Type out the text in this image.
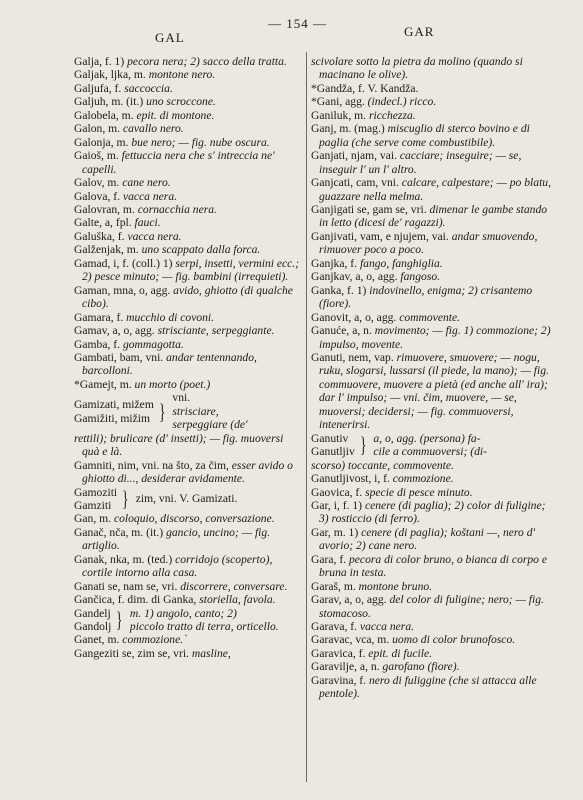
GAL
— 154 —
GAR

Galja, f. 1) pecora nera; 2) sacco della tratta.

Galjak, ljka, m. montone nero.

Galjufa, f. saccoccia.

Galjuh, m. (it.) uno scroccone.

Galobela, m. epit. di montone.

Galon, m. cavallo nero.

Galonja, m. bue nero; — fig. nube oscura.

Gaioš, m. fettuccia nera che s' intreccia ne' capelli.

Galov, m. cane nero.

Galova, f. vacca nera.

Galovran, m. cornacchia nera.

Galte, a, fpl. fauci.

Galuška, f. vacca nera.

Galženjak, m. uno scappato dalla forca.

Gamad, i, f. (coll.) 1) serpi, insetti, vermini ecc.; 2) pesce minuto; — fig. bambini (irrequieti).

Gaman, mna, o, agg. avido, ghiotto (di qualche cibo).

Gamara, f. mucchio di covoni.

Gamav, a, o, agg. strisciante, serpeggiante.

Gamba, f. gommagotta.

Gambati, bam, vni. andar tentennando, barcolloni.

*Gamejt, m. un morto (poet.)

Gamizati, mižem
Gamižiti, mižim }
vni.
strisciare,
serpeggiare (de'

rettili); brulicare (d' insetti); — fig. muoversi quà e là.

Gamniti, nim, vni. na što, za čim, esser avido o ghiotto di..., desiderar avidamente.

Gamoziti
Gamziti } zim, vni. V. Gamizati.

Gan, m. coloquio, discorso, conversazione.

Ganač, nča, m. (it.) gancio, uncino; — fig. artiglio.

Ganak, nka, m. (ted.) corridojo (scoperto), cortile intorno alla casa.

Ganati se, nam se, vri. discorrere, conversare.

Gančica, f. dim. di Ganka, storiella, favola.

Gandelj
Gandolj } m. 1) angolo, canto; 2)
piccolo tratto di terra, orticello.

Ganet, m. commozione.`

Gangeziti se, zim se, vri. masline,

scivolare sotto la pietra da molino (quando si macinano le olive).

*Gandža, f. V. Kandža.

*Gani, agg. (indecl.) ricco.

Ganiluk, m. ricchezza.

Ganj, m. (mag.) miscuglio di sterco bovino e di paglia (che serve come combustibile).

Ganjati, njam, vai. cacciare; inseguire; — se, inseguir l' un l' altro.

Ganjcati, cam, vni. calcare, calpestare; — po blatu, guazzare nella melma.

Ganjigati se, gam se, vri. dimenar le gambe stando in letto (dicesi de' ragazzi).

Ganjivati, vam, e njujem, vai. andar smuovendo, rimuover poco a poco.

Ganjka, f. fango, fanghiglia.

Ganjkav, a, o, agg. fangoso.

Ganka, f. 1) indovinello, enigma; 2) crisantemo (fiore).

Ganovit, a, o, agg. commovente.

Ganuće, a, n. movimento; — fig. 1) commozione; 2) impulso, movente.

Ganuti, nem, vap. rimuovere, smuovere; — nogu, ruku, slogarsi, lussarsi (il piede, la mano); — fig. commuovere, muovere a pietà (ed anche all' ira); dar l' impulso; — vni. čim, muovere, — se, muoversi; decidersi; — fig. commuoversi, intenerirsi.

Ganutiv
Ganutljiv } a, o, agg. (persona) fa-
cile a commuoversi; (di-

scorso) toccante, commovente.

Ganutljivost, i, f. commozione.

Gaovica, f. specie di pesce minuto.

Gar, i, f. 1) cenere (di paglia); 2) color di fuligine; 3) rosticcio (di ferro).

Gar, m. 1) cenere (di paglia); koštani —, nero d' avorio; 2) cane nero.

Gara, f. pecora di color bruno, o bianca di corpo e bruna in testa.

Garaš, m. montone bruno.

Garav, a, o, agg. del color di fuligine; nero; — fig. stomacoso.

Garava, f. vacca nera.

Garavac, vca, m. uomo di color brunofosco.

Garavica, f. epit. di fucile.

Garavilje, a, n. garofano (fiore).

Garavina, f. nero di fuliggine (che si attacca alle pentole).
